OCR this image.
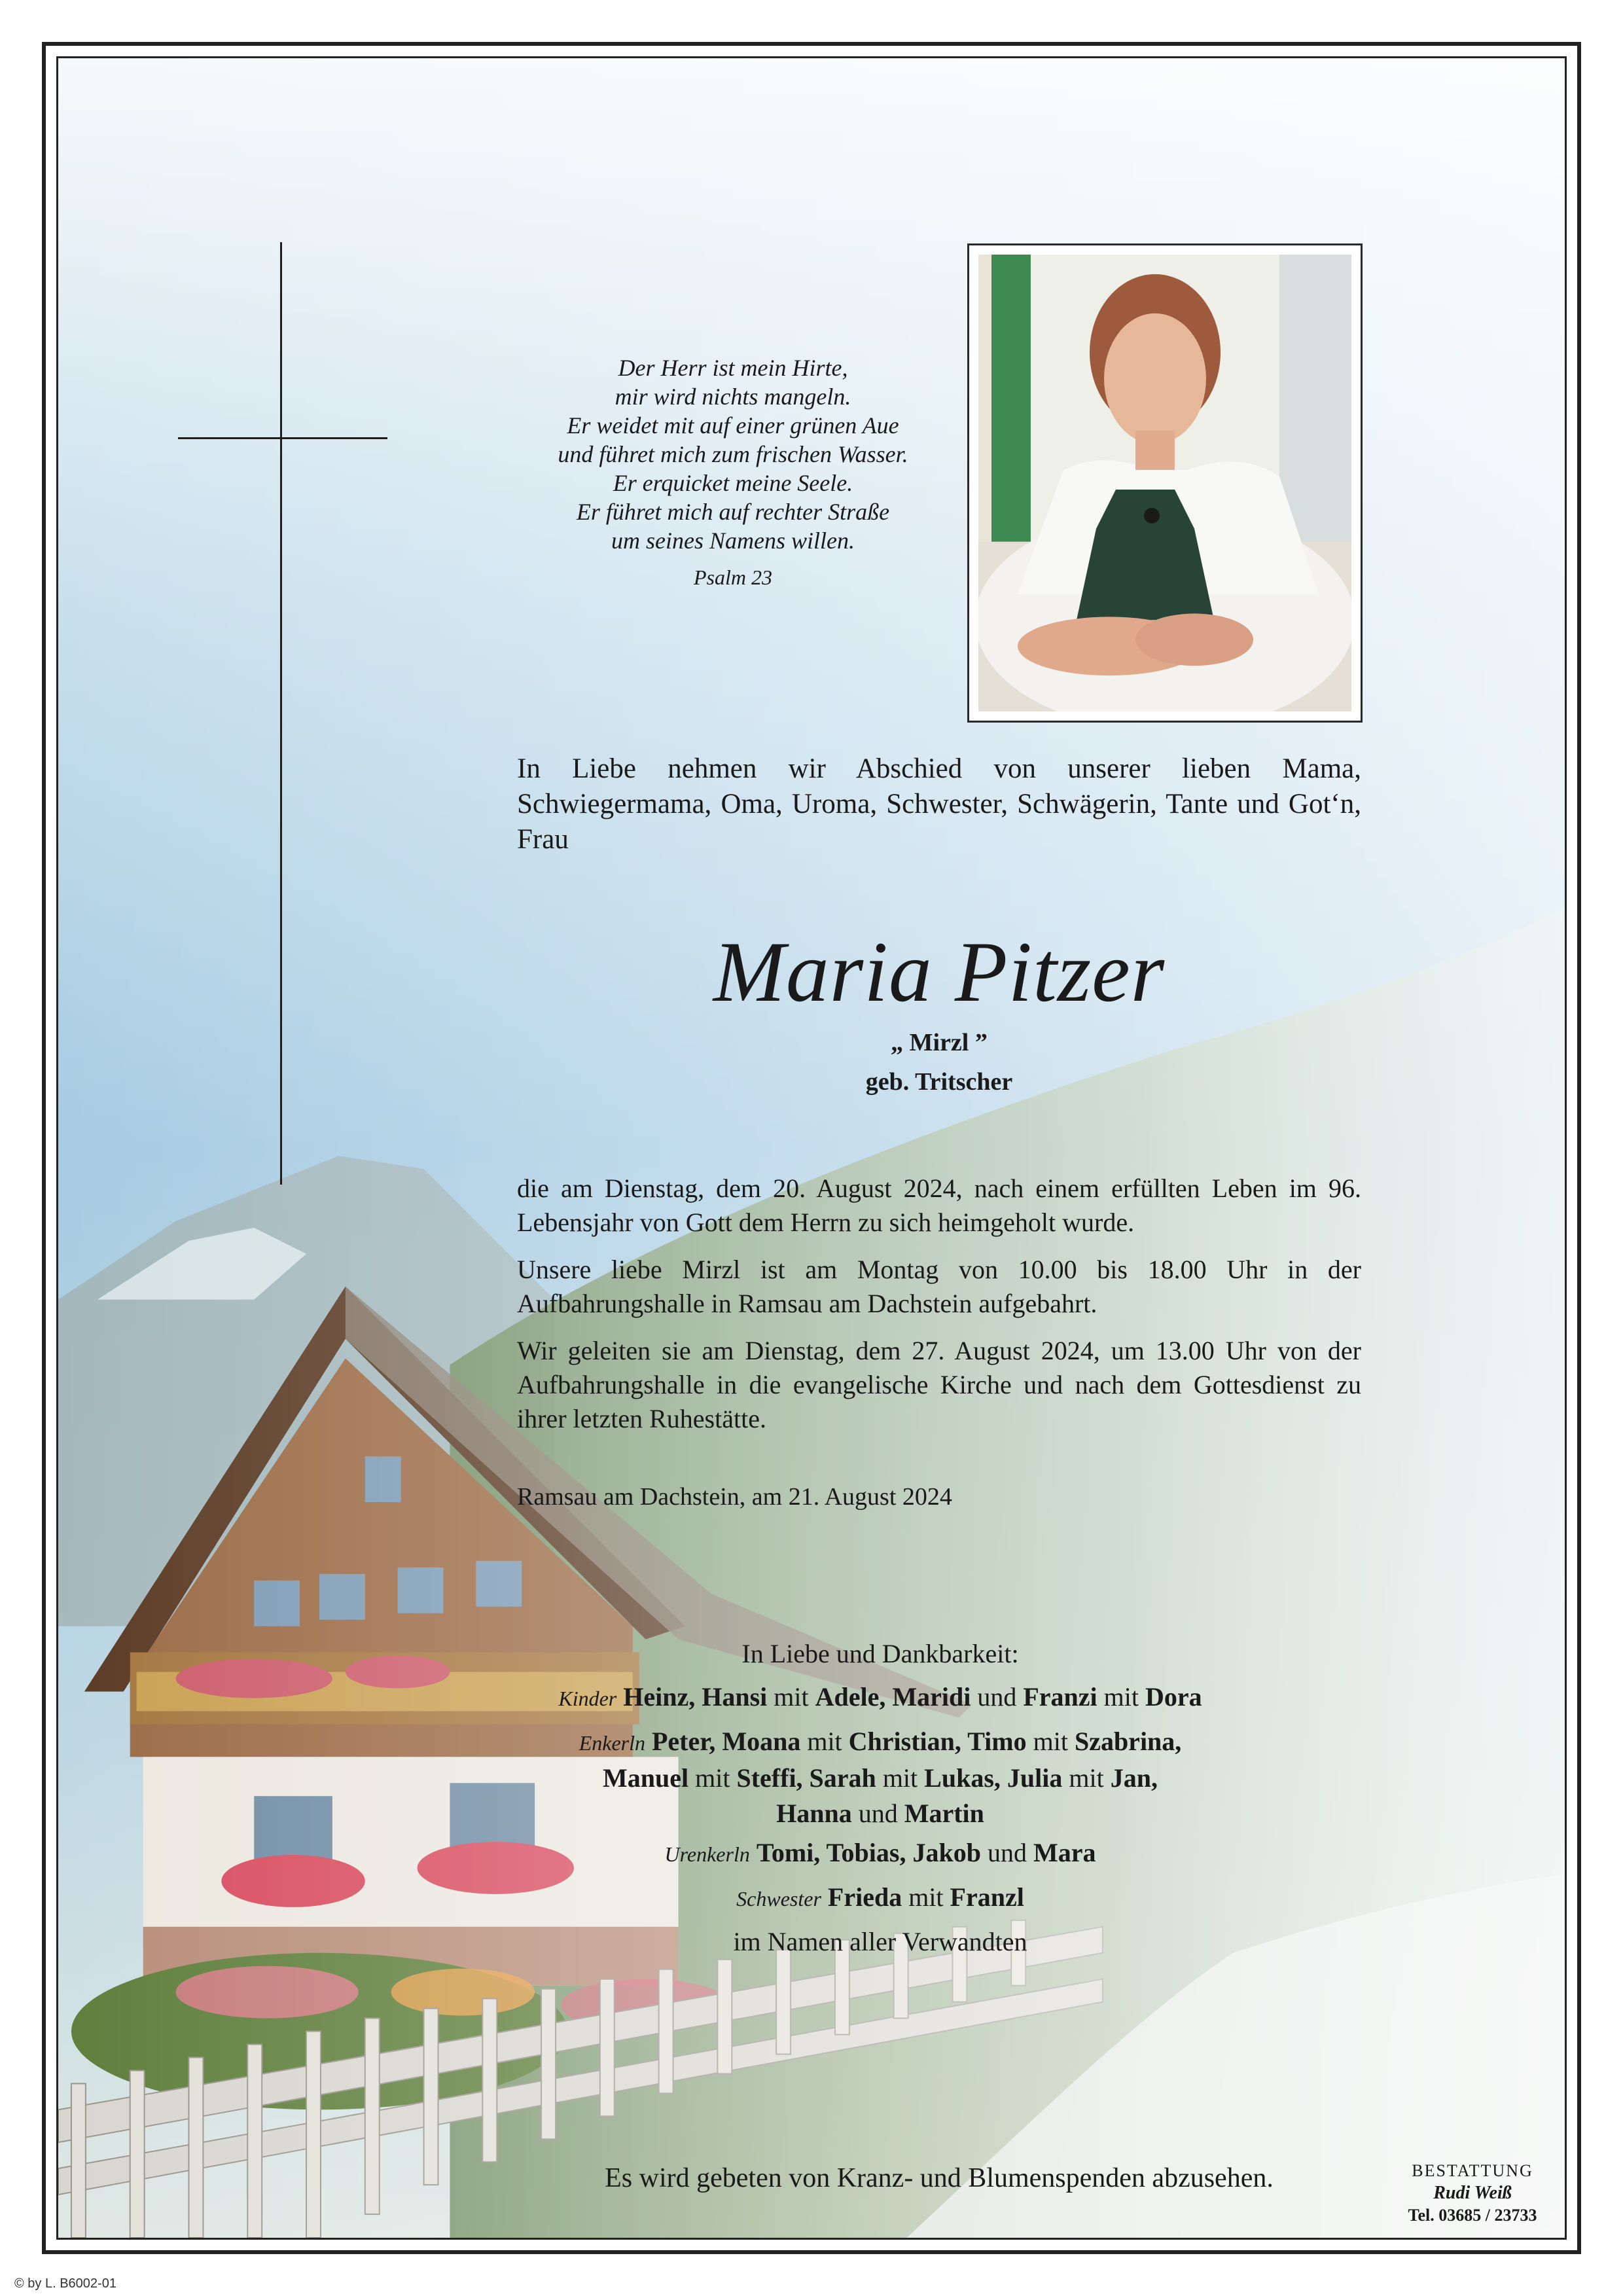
Der Herr ist mein Hirte,
mir wird nichts mangeln.
Er weidet mit auf einer grünen Aue
und führet mich zum frischen Wasser.
Er erquicket meine Seele.
Er führet mich auf rechter Straße
um seines Namens willen.
Psalm 23
In Liebe nehmen wir Abschied von unserer lieben Mama, Schwiegermama, Oma, Uroma, Schwester, Schwägerin, Tante und Got‘n, Frau
Maria Pitzer
„ Mirzl ”
geb. Tritscher

die am Dienstag, dem 20. August 2024, nach einem erfüllten Leben im 96. Lebensjahr von Gott dem Herrn zu sich heimgeholt wurde.

Unsere liebe Mirzl ist am Montag von 10.00 bis 18.00 Uhr in der Aufbahrungshalle in Ramsau am Dachstein aufgebahrt.

Wir geleiten sie am Dienstag, dem 27. August 2024, um 13.00 Uhr von der Aufbahrungshalle in die evangelische Kirche und nach dem Gottesdienst zu ihrer letzten Ruhestätte.

Ramsau am Dachstein, am 21. August 2024
In Liebe und Dankbarkeit:
Kinder Heinz, Hansi mit Adele, Maridi und Franzi mit Dora
Enkerln Peter, Moana mit Christian, Timo mit Szabrina,
Manuel mit Steffi, Sarah mit Lukas, Julia mit Jan,
Hanna und Martin
Urenkerln Tomi, Tobias, Jakob und Mara
Schwester Frieda mit Franzl
im Namen aller Verwandten
Es wird gebeten von Kranz- und Blumenspenden abzusehen.	BESTATTUNG
Rudi Weiß
Tel. 03685 / 23733
© by L. B6002-01
